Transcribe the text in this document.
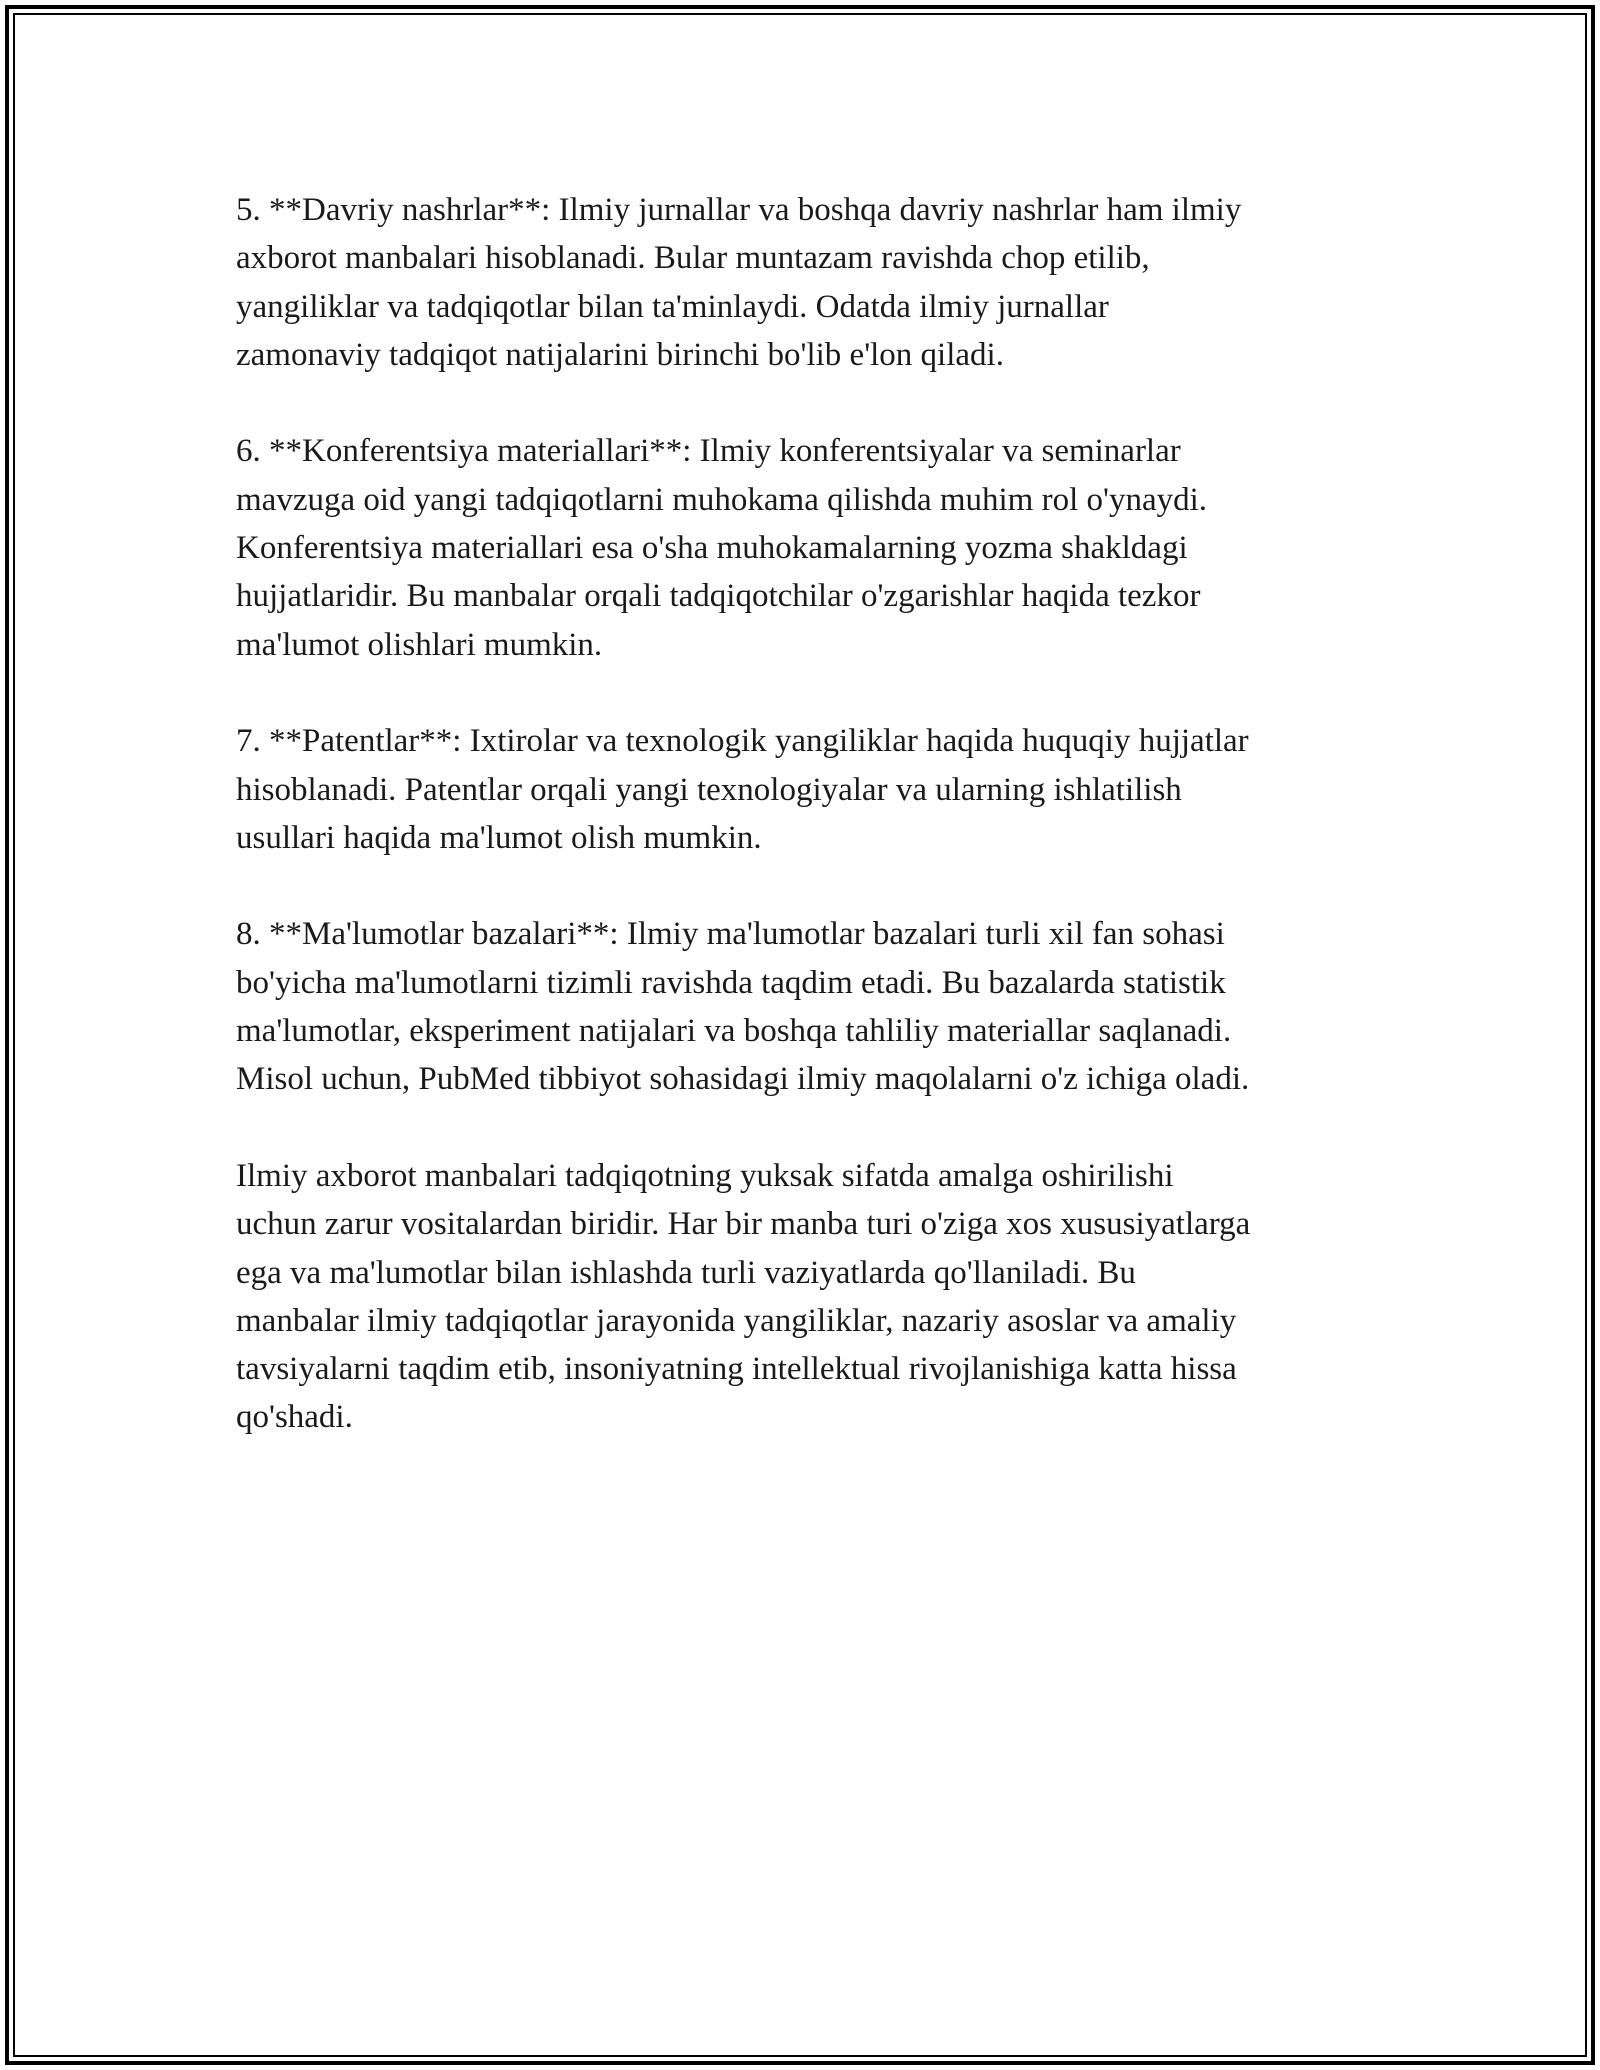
5. **Davriy nashrlar**: Ilmiy jurnallar va boshqa davriy nashrlar ham ilmiy
axborot manbalari hisoblanadi. Bular muntazam ravishda chop etilib,
yangiliklar va tadqiqotlar bilan ta'minlaydi. Odatda ilmiy jurnallar
zamonaviy tadqiqot natijalarini birinchi bo'lib e'lon qiladi.

6. **Konferentsiya materiallari**: Ilmiy konferentsiyalar va seminarlar
mavzuga oid yangi tadqiqotlarni muhokama qilishda muhim rol o'ynaydi.
Konferentsiya materiallari esa o'sha muhokamalarning yozma shakldagi
hujjatlaridir. Bu manbalar orqali tadqiqotchilar o'zgarishlar haqida tezkor
ma'lumot olishlari mumkin.

7. **Patentlar**: Ixtirolar va texnologik yangiliklar haqida huquqiy hujjatlar
hisoblanadi. Patentlar orqali yangi texnologiyalar va ularning ishlatilish
usullari haqida ma'lumot olish mumkin.

8. **Ma'lumotlar bazalari**: Ilmiy ma'lumotlar bazalari turli xil fan sohasi
bo'yicha ma'lumotlarni tizimli ravishda taqdim etadi. Bu bazalarda statistik
ma'lumotlar, eksperiment natijalari va boshqa tahliliy materiallar saqlanadi.
Misol uchun, PubMed tibbiyot sohasidagi ilmiy maqolalarni o'z ichiga oladi.

Ilmiy axborot manbalari tadqiqotning yuksak sifatda amalga oshirilishi
uchun zarur vositalardan biridir. Har bir manba turi o'ziga xos xususiyatlarga
ega va ma'lumotlar bilan ishlashda turli vaziyatlarda qo'llaniladi. Bu
manbalar ilmiy tadqiqotlar jarayonida yangiliklar, nazariy asoslar va amaliy
tavsiyalarni taqdim etib, insoniyatning intellektual rivojlanishiga katta hissa
qo'shadi.
